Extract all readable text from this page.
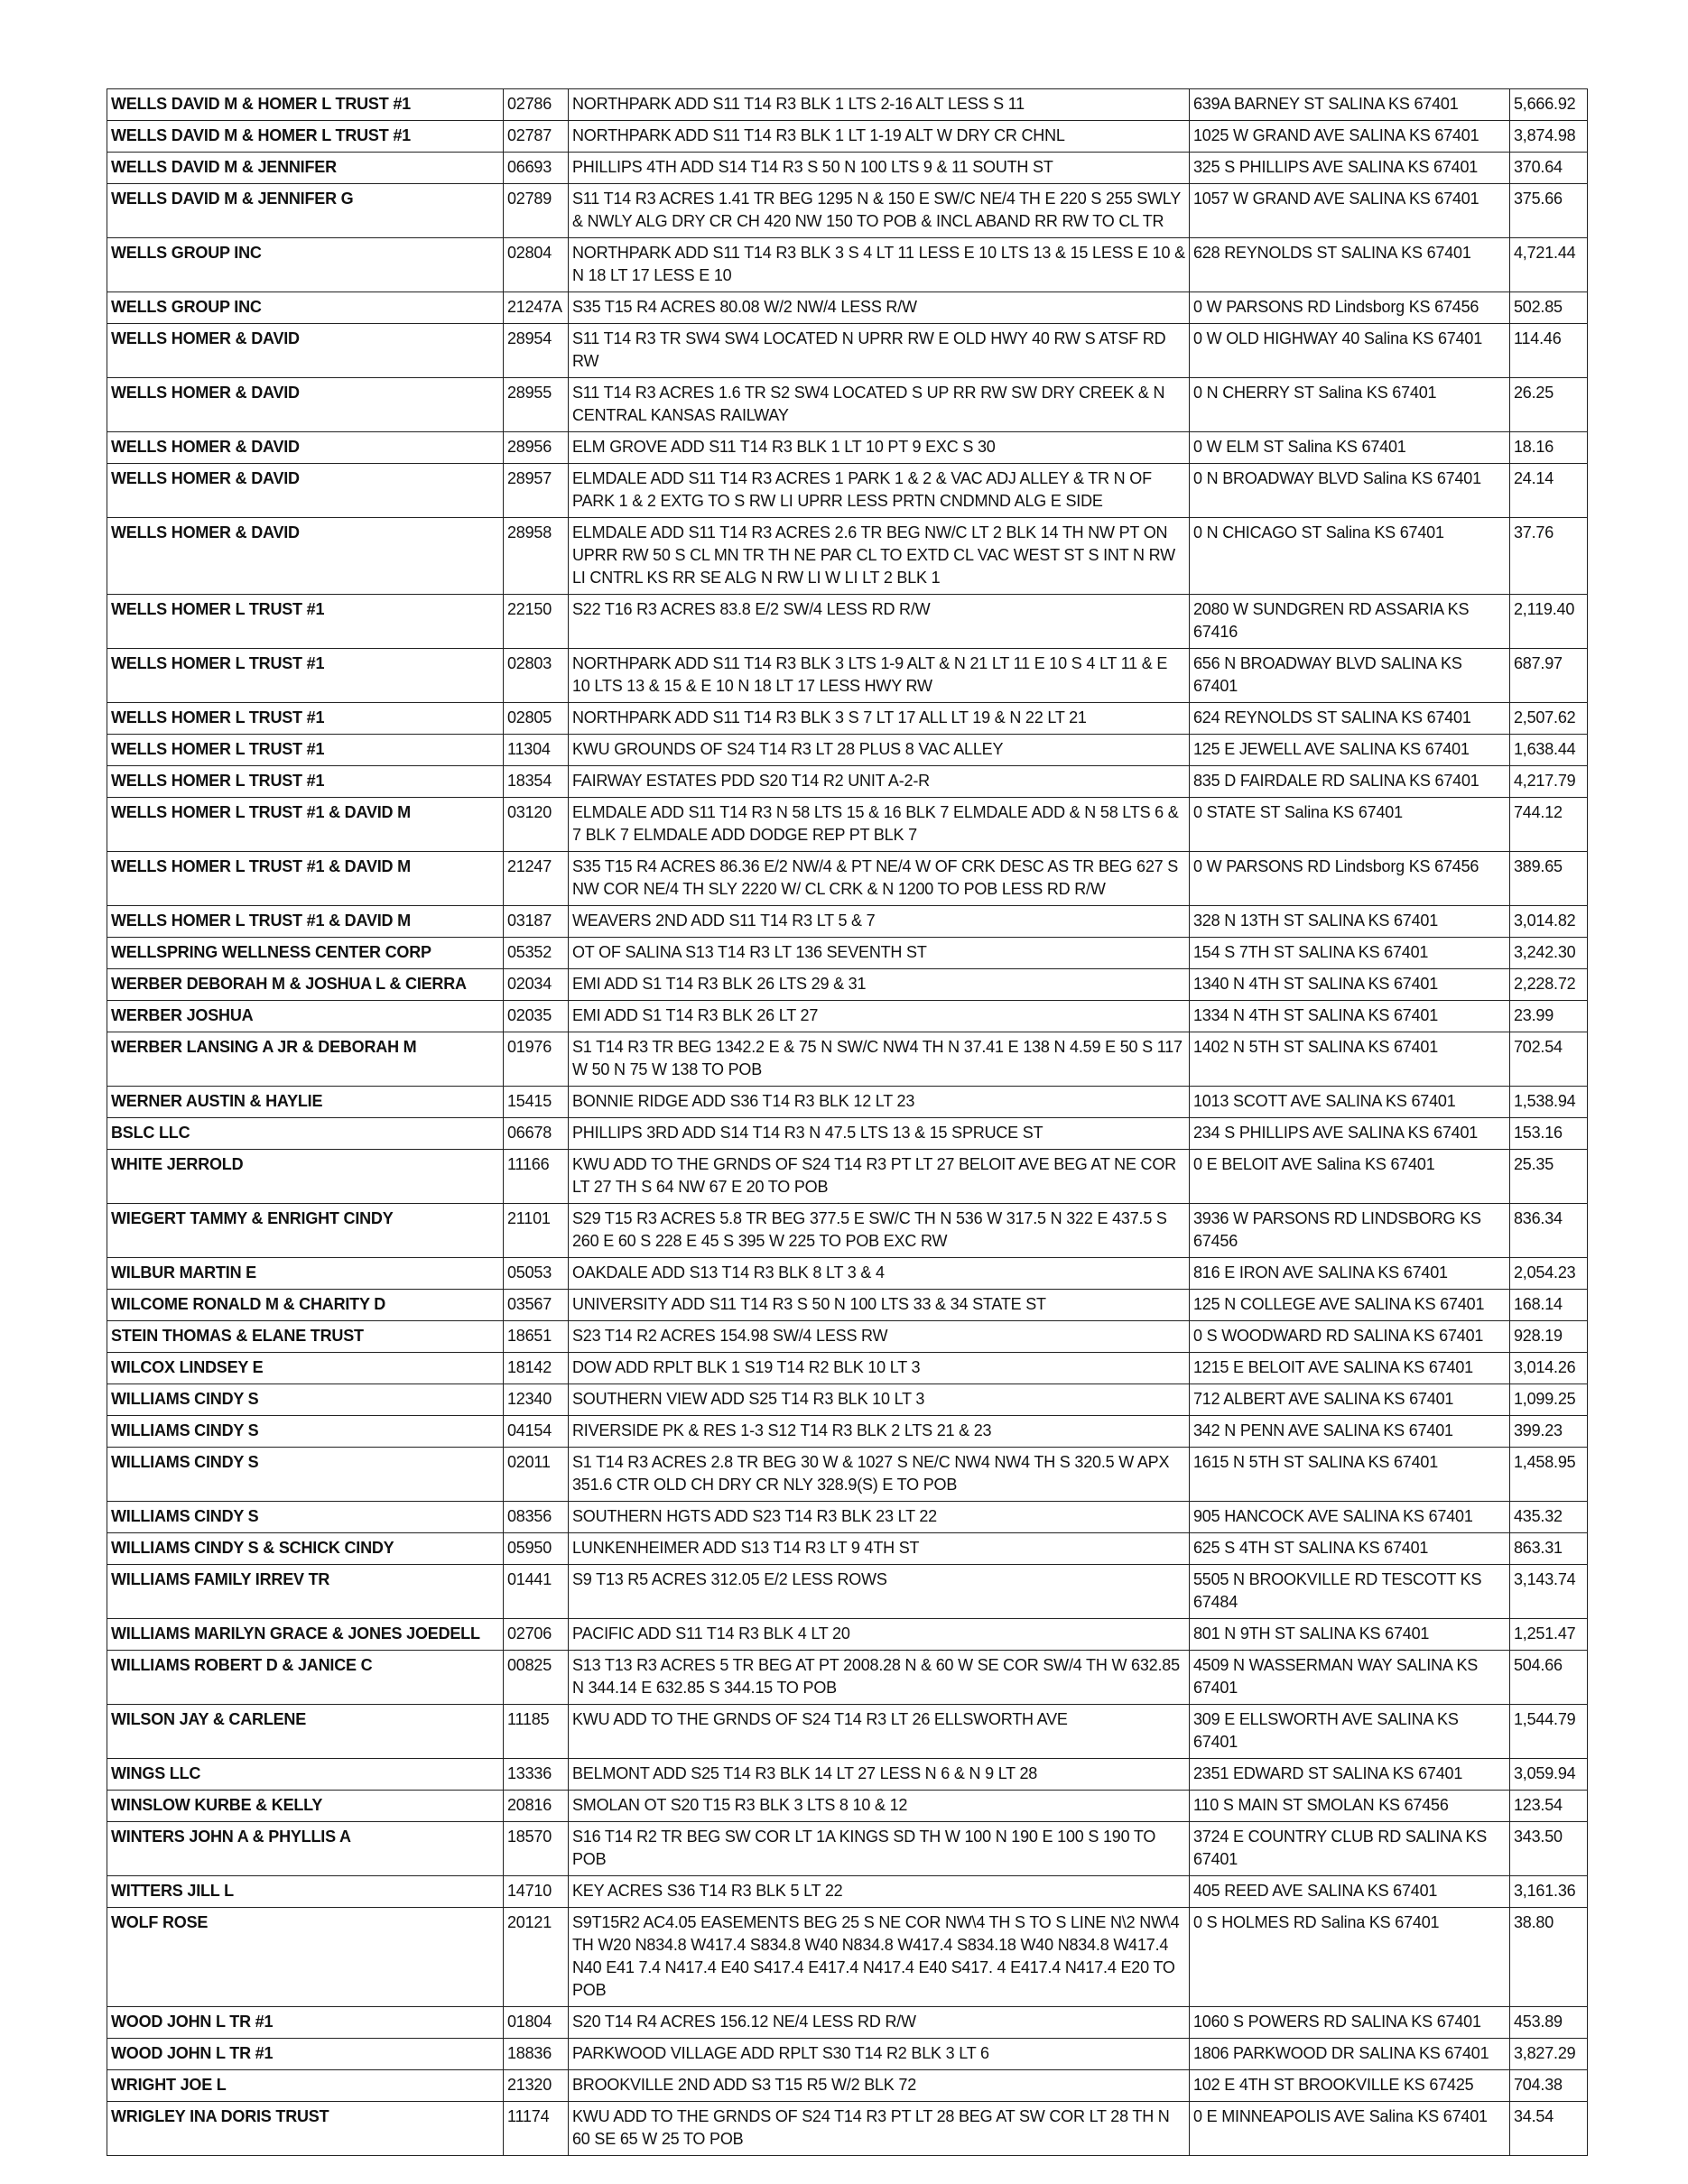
WELLS DAVID M & HOMER L TRUST #1	02786	NORTHPARK ADD S11 T14 R3 BLK 1 LTS 2-16 ALT LESS S 11	639A BARNEY ST SALINA KS 67401	5,666.92
WELLS DAVID M & HOMER L TRUST #1	02787	NORTHPARK ADD S11 T14 R3 BLK 1 LT 1-19 ALT W DRY CR CHNL	1025 W GRAND AVE SALINA KS 67401	3,874.98
WELLS DAVID M & JENNIFER	06693	PHILLIPS 4TH ADD S14 T14 R3 S 50 N 100 LTS 9 & 11 SOUTH ST	325 S PHILLIPS AVE SALINA KS 67401	370.64
WELLS DAVID M & JENNIFER G	02789	S11 T14 R3 ACRES 1.41 TR BEG 1295 N & 150 E SW/C NE/4 TH E 220 S 255 SWLY & NWLY ALG DRY CR CH 420 NW 150 TO POB & INCL ABAND RR RW TO CL TR	1057 W GRAND AVE SALINA KS 67401	375.66
WELLS GROUP INC	02804	NORTHPARK ADD S11 T14 R3 BLK 3 S 4 LT 11 LESS E 10 LTS 13 & 15 LESS E 10 & N 18 LT 17 LESS E 10	628 REYNOLDS ST SALINA KS 67401	4,721.44
WELLS GROUP INC	21247A	S35 T15 R4 ACRES 80.08 W/2 NW/4 LESS R/W	0 W PARSONS RD Lindsborg KS 67456	502.85
WELLS HOMER & DAVID	28954	S11 T14 R3 TR SW4 SW4 LOCATED N UPRR RW E OLD HWY 40 RW S ATSF RD RW	0 W OLD HIGHWAY 40 Salina KS 67401	114.46
WELLS HOMER & DAVID	28955	S11 T14 R3 ACRES 1.6 TR S2 SW4 LOCATED S UP RR RW SW DRY CREEK & N CENTRAL KANSAS RAILWAY	0 N CHERRY ST Salina KS 67401	26.25
WELLS HOMER & DAVID	28956	ELM GROVE ADD S11 T14 R3 BLK 1 LT 10 PT 9 EXC S 30	0 W ELM ST Salina KS 67401	18.16
WELLS HOMER & DAVID	28957	ELMDALE ADD S11 T14 R3 ACRES 1 PARK 1 & 2 & VAC ADJ ALLEY & TR N OF PARK 1 & 2 EXTG TO S RW LI UPRR LESS PRTN CNDMND ALG E SIDE	0 N BROADWAY BLVD Salina KS 67401	24.14
WELLS HOMER & DAVID	28958	ELMDALE ADD S11 T14 R3 ACRES 2.6 TR BEG NW/C LT 2 BLK 14 TH NW PT ON UPRR RW 50 S CL MN TR TH NE PAR CL TO EXTD CL VAC WEST ST S INT N RW LI CNTRL KS RR SE ALG N RW LI W LI LT 2 BLK 1	0 N CHICAGO ST Salina KS 67401	37.76
WELLS HOMER L TRUST #1	22150	S22 T16 R3 ACRES 83.8 E/2 SW/4 LESS RD R/W	2080 W SUNDGREN RD ASSARIA KS 67416	2,119.40
WELLS HOMER L TRUST #1	02803	NORTHPARK ADD S11 T14 R3 BLK 3 LTS 1-9 ALT & N 21 LT 11 E 10 S 4 LT 11 & E 10 LTS 13 & 15 & E 10 N 18 LT 17 LESS HWY RW	656 N BROADWAY BLVD SALINA KS 67401	687.97
WELLS HOMER L TRUST #1	02805	NORTHPARK ADD S11 T14 R3 BLK 3 S 7 LT 17 ALL LT 19 & N 22 LT 21	624 REYNOLDS ST SALINA KS 67401	2,507.62
WELLS HOMER L TRUST #1	11304	KWU GROUNDS OF S24 T14 R3 LT 28 PLUS 8 VAC ALLEY	125 E JEWELL AVE SALINA KS 67401	1,638.44
WELLS HOMER L TRUST #1	18354	FAIRWAY ESTATES PDD S20 T14 R2 UNIT A-2-R	835 D FAIRDALE RD SALINA KS 67401	4,217.79
WELLS HOMER L TRUST #1 & DAVID M	03120	ELMDALE ADD S11 T14 R3 N 58 LTS 15 & 16 BLK 7 ELMDALE ADD & N 58 LTS 6 & 7 BLK 7 ELMDALE ADD DODGE REP PT BLK 7	0 STATE ST Salina KS 67401	744.12
WELLS HOMER L TRUST #1 & DAVID M	21247	S35 T15 R4 ACRES 86.36 E/2 NW/4 & PT NE/4 W OF CRK DESC AS TR BEG 627 S NW COR NE/4 TH SLY 2220 W/ CL CRK & N 1200 TO POB LESS RD R/W	0 W PARSONS RD Lindsborg KS 67456	389.65
WELLS HOMER L TRUST #1 & DAVID M	03187	WEAVERS 2ND ADD S11 T14 R3 LT 5 & 7	328 N 13TH ST SALINA KS 67401	3,014.82
WELLSPRING WELLNESS CENTER CORP	05352	OT OF SALINA S13 T14 R3 LT 136 SEVENTH ST	154 S 7TH ST SALINA KS 67401	3,242.30
WERBER DEBORAH M & JOSHUA L & CIERRA	02034	EMI ADD S1 T14 R3 BLK 26 LTS 29 & 31	1340 N 4TH ST SALINA KS 67401	2,228.72
WERBER JOSHUA	02035	EMI ADD S1 T14 R3 BLK 26 LT 27	1334 N 4TH ST SALINA KS 67401	23.99
WERBER LANSING A JR & DEBORAH M	01976	S1 T14 R3 TR BEG 1342.2 E & 75 N SW/C NW4 TH N 37.41 E 138 N 4.59 E 50 S 117 W 50 N 75 W 138 TO POB	1402 N 5TH ST SALINA KS 67401	702.54
WERNER AUSTIN & HAYLIE	15415	BONNIE RIDGE ADD S36 T14 R3 BLK 12 LT 23	1013 SCOTT AVE SALINA KS 67401	1,538.94
BSLC LLC	06678	PHILLIPS 3RD ADD S14 T14 R3 N 47.5 LTS 13 & 15 SPRUCE ST	234 S PHILLIPS AVE SALINA KS 67401	153.16
WHITE JERROLD	11166	KWU ADD TO THE GRNDS OF S24 T14 R3 PT LT 27 BELOIT AVE BEG AT NE COR LT 27 TH S 64 NW 67 E 20 TO POB	0 E BELOIT AVE Salina KS 67401	25.35
WIEGERT TAMMY & ENRIGHT CINDY	21101	S29 T15 R3 ACRES 5.8 TR BEG 377.5 E SW/C TH N 536 W 317.5 N 322 E 437.5 S 260 E 60 S 228 E 45 S 395 W 225 TO POB EXC RW	3936 W PARSONS RD LINDSBORG KS 67456	836.34
WILBUR MARTIN E	05053	OAKDALE ADD S13 T14 R3 BLK 8 LT 3 & 4	816 E IRON AVE SALINA KS 67401	2,054.23
WILCOME RONALD M & CHARITY D	03567	UNIVERSITY ADD S11 T14 R3 S 50 N 100 LTS 33 & 34 STATE ST	125 N COLLEGE AVE SALINA KS 67401	168.14
STEIN THOMAS & ELANE TRUST	18651	S23 T14 R2 ACRES 154.98 SW/4 LESS RW	0 S WOODWARD RD SALINA KS 67401	928.19
WILCOX LINDSEY E	18142	DOW ADD RPLT BLK 1 S19 T14 R2 BLK 10 LT 3	1215 E BELOIT AVE SALINA KS 67401	3,014.26
WILLIAMS CINDY S	12340	SOUTHERN VIEW ADD S25 T14 R3 BLK 10 LT 3	712 ALBERT AVE SALINA KS 67401	1,099.25
WILLIAMS CINDY S	04154	RIVERSIDE PK & RES 1-3 S12 T14 R3 BLK 2 LTS 21 & 23	342 N PENN AVE SALINA KS 67401	399.23
WILLIAMS CINDY S	02011	S1 T14 R3 ACRES 2.8 TR BEG 30 W & 1027 S NE/C NW4 NW4 TH S 320.5 W APX 351.6 CTR OLD CH DRY CR NLY 328.9(S) E TO POB	1615 N 5TH ST SALINA KS 67401	1,458.95
WILLIAMS CINDY S	08356	SOUTHERN HGTS ADD S23 T14 R3 BLK 23 LT 22	905 HANCOCK AVE SALINA KS 67401	435.32
WILLIAMS CINDY S & SCHICK CINDY	05950	LUNKENHEIMER ADD S13 T14 R3 LT 9 4TH ST	625 S 4TH ST SALINA KS 67401	863.31
WILLIAMS FAMILY IRREV TR	01441	S9 T13 R5 ACRES 312.05 E/2 LESS ROWS	5505 N BROOKVILLE RD TESCOTT KS 67484	3,143.74
WILLIAMS MARILYN GRACE & JONES JOEDELL	02706	PACIFIC ADD S11 T14 R3 BLK 4 LT 20	801 N 9TH ST SALINA KS 67401	1,251.47
WILLIAMS ROBERT D & JANICE C	00825	S13 T13 R3 ACRES 5 TR BEG AT PT 2008.28 N & 60 W SE COR SW/4 TH W 632.85 N 344.14 E 632.85 S 344.15 TO POB	4509 N WASSERMAN WAY SALINA KS 67401	504.66
WILSON JAY & CARLENE	11185	KWU ADD TO THE GRNDS OF S24 T14 R3 LT 26 ELLSWORTH AVE	309 E ELLSWORTH AVE SALINA KS 67401	1,544.79
WINGS LLC	13336	BELMONT ADD S25 T14 R3 BLK 14 LT 27 LESS N 6 & N 9 LT 28	2351 EDWARD ST SALINA KS 67401	3,059.94
WINSLOW KURBE & KELLY	20816	SMOLAN OT S20 T15 R3 BLK 3 LTS 8 10 & 12	110 S MAIN ST SMOLAN KS 67456	123.54
WINTERS JOHN A & PHYLLIS A	18570	S16 T14 R2 TR BEG SW COR LT 1A KINGS SD TH W 100 N 190 E 100 S 190 TO POB	3724 E COUNTRY CLUB RD SALINA KS 67401	343.50
WITTERS JILL L	14710	KEY ACRES S36 T14 R3 BLK 5 LT 22	405 REED AVE SALINA KS 67401	3,161.36
WOLF ROSE	20121	S9T15R2 AC4.05 EASEMENTS BEG 25 S NE COR NW\4 TH S TO S LINE N\2 NW\4 TH W20 N834.8 W417.4 S834.8 W40 N834.8 W417.4 S834.18 W40 N834.8 W417.4 N40 E41 7.4 N417.4 E40 S417.4 E417.4 N417.4 E40 S417. 4 E417.4 N417.4 E20 TO POB	0 S HOLMES RD Salina KS 67401	38.80
WOOD JOHN L TR #1	01804	S20 T14 R4 ACRES 156.12 NE/4 LESS RD R/W	1060 S POWERS RD SALINA KS 67401	453.89
WOOD JOHN L TR #1	18836	PARKWOOD VILLAGE ADD RPLT S30 T14 R2 BLK 3 LT 6	1806 PARKWOOD DR SALINA KS 67401	3,827.29
WRIGHT JOE L	21320	BROOKVILLE 2ND ADD S3 T15 R5 W/2 BLK 72	102 E 4TH ST BROOKVILLE KS 67425	704.38
WRIGLEY INA DORIS TRUST	11174	KWU ADD TO THE GRNDS OF S24 T14 R3 PT LT 28 BEG AT SW COR LT 28 TH N 60 SE 65 W 25 TO POB	0 E MINNEAPOLIS AVE Salina KS 67401	34.54
